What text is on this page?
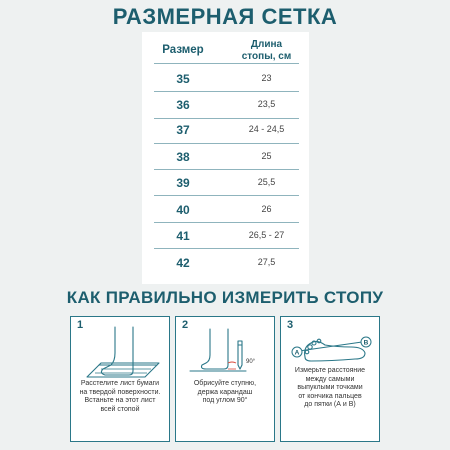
РАЗМЕРНАЯ СЕТКА
Размер	Длина
стопы, см
35	23
36	23,5
37	24 - 24,5
38	25
39	25,5
40	26
41	26,5 - 27
42	27,5
КАК ПРАВИЛЬНО ИЗМЕРИТЬ СТОПУ
1
Расстелите лист бумаги
на твердой поверхности.
Встаньте на этот лист
всей стопой
2
90°
Обрисуйте ступню,
держа карандаш
под углом 90°
3
A
B
Измерьте расстояние
между самыми
выпуклыми точками
от кончика пальцев
до пятки (А и В)
